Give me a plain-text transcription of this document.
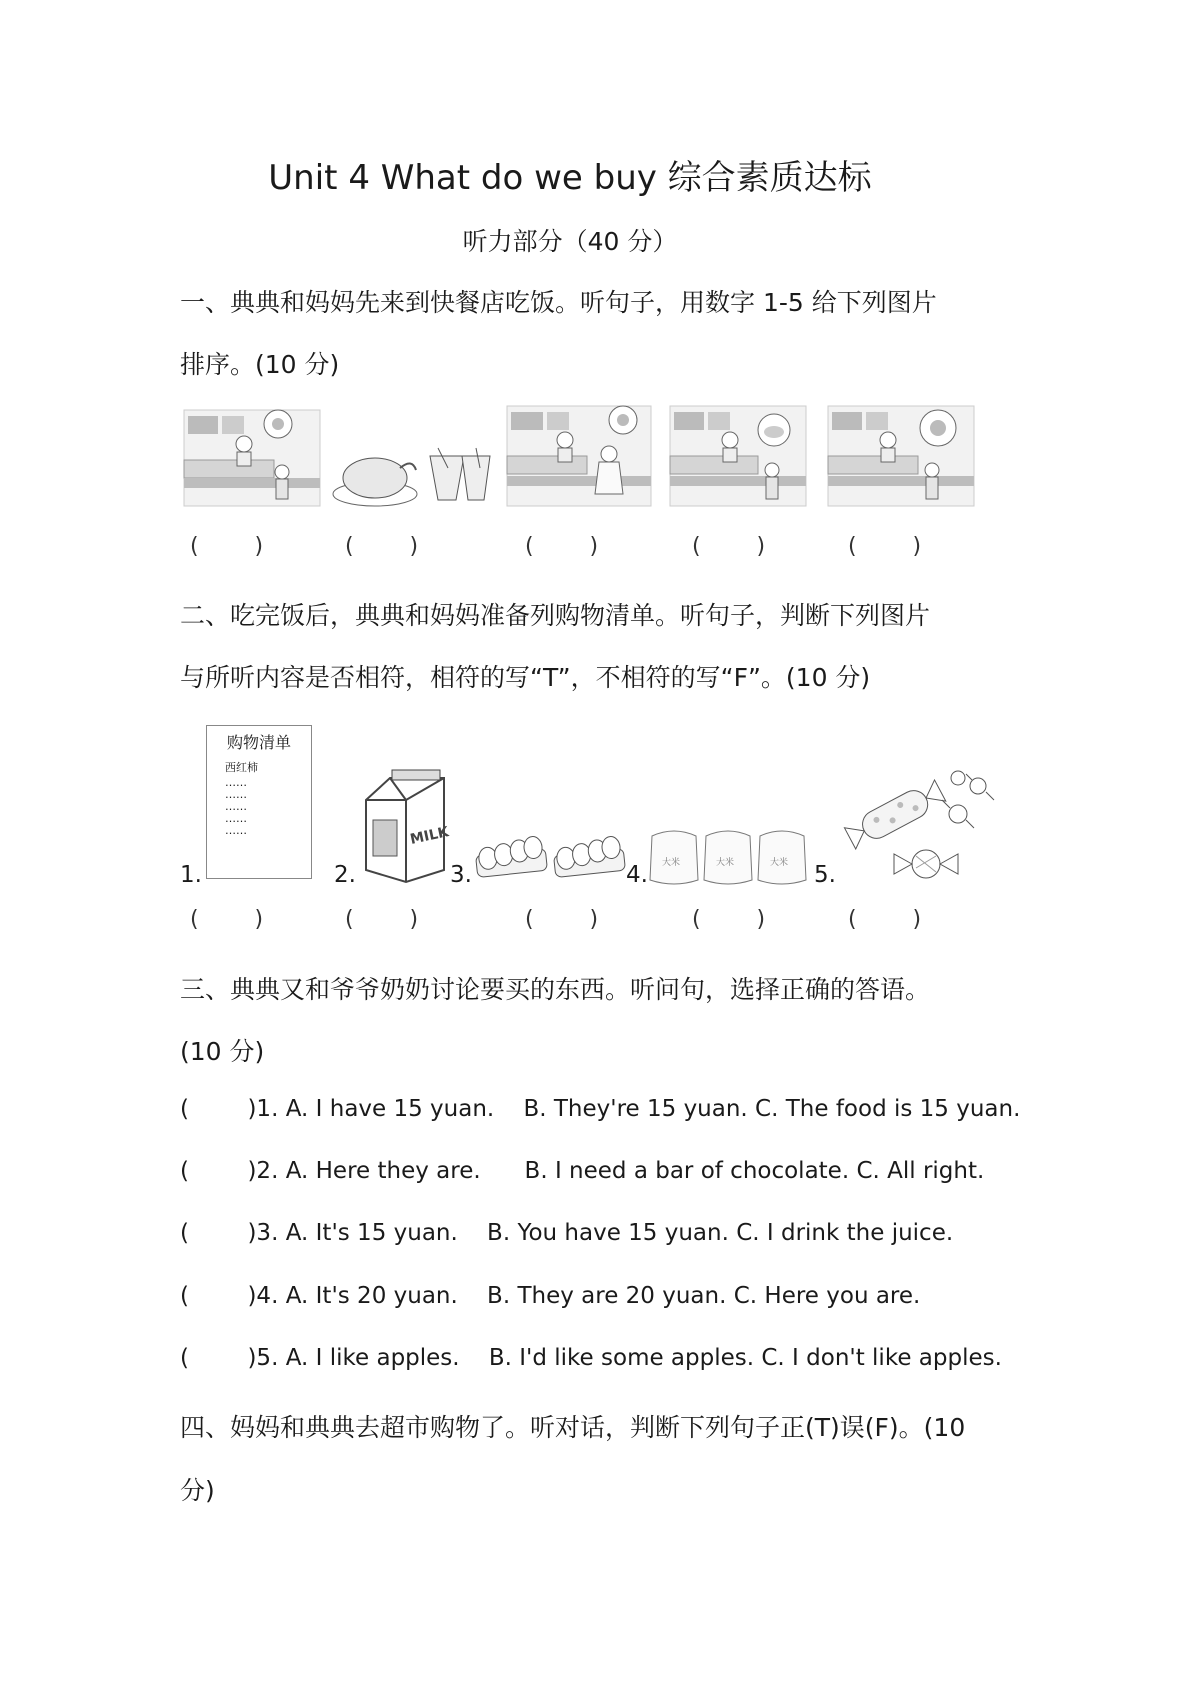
Unit 4 What do we buy 综合素质达标
听力部分（40 分）
一、典典和妈妈先来到快餐店吃饭。听句子，用数字 1-5 给下列图片
排序。(10 分)
(        )	(        )	(        )	(        )	(        )
二、吃完饭后，典典和妈妈准备列购物清单。听句子，判断下列图片
与所听内容是否相符，相符的写“T”，不相符的写“F”。(10 分)
1.
购物清单
西红柿
……
……
……
……
……
2.
MILK
3.	4. 大米	大米	大米 5.
(        )	(        )	(        )	(        )	(        )
三、典典又和爷爷奶奶讨论要买的东西。听问句，选择正确的答语。
(10 分)
(        )1. A. I have 15 yuan.    B. They're 15 yuan. C. The food is 15 yuan.
(        )2. A. Here they are.      B. I need a bar of chocolate. C. All right.
(        )3. A. It's 15 yuan.    B. You have 15 yuan. C. I drink the juice.
(        )4. A. It's 20 yuan.    B. They are 20 yuan. C. Here you are.
(        )5. A. I like apples.    B. I'd like some apples. C. I don't like apples.
四、妈妈和典典去超市购物了。听对话，判断下列句子正(T)误(F)。(10
分)
